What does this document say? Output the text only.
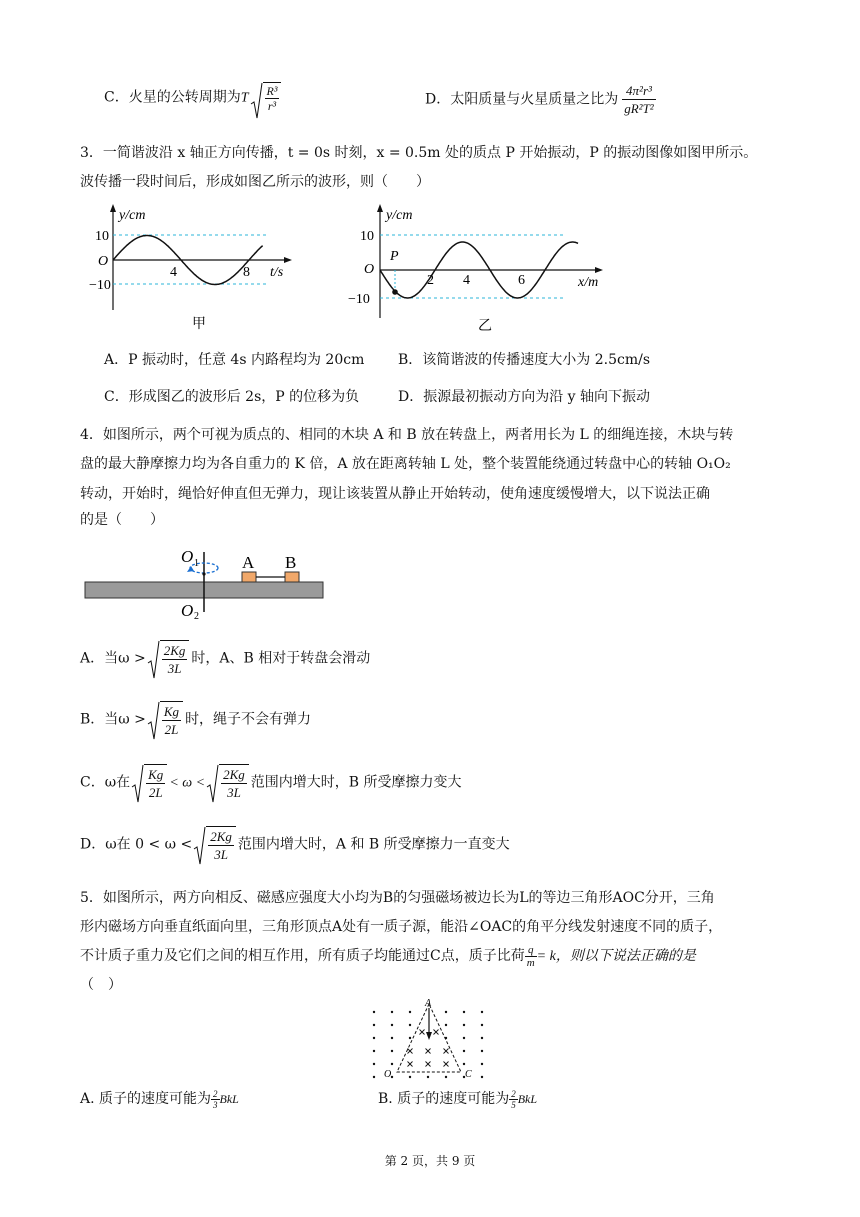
C．火星的公转周期为T $\frac{\text{R³}}{\text{r³}}$	D．太阳质量与火星质量之比为 $\frac{\text{4π²r³}}{\text{gR²T²}}$
3．一简谐波沿 x 轴正方向传播，t = 0s 时刻，x = 0.5m 处的质点 P 开始振动，P 的振动图像如图甲所示。
波传播一段时间后，形成如图乙所示的波形，则（　　）
y/cm
10
O
−10
4	8 t/s
甲
y/cm
10
O
−10
P
2 4	6	x/m
乙
A．P 振动时，任意 4s 内路程均为 20cm B．该简谐波的传播速度大小为 2.5cm/s
C．形成图乙的波形后 2s，P 的位移为负	D．振源最初振动方向为沿 y 轴向下振动
4．如图所示，两个可视为质点的、相同的木块 A 和 B 放在转盘上，两者用长为 L 的细绳连接，木块与转
盘的最大静摩擦力均为各自重力的 K 倍，A 放在距离转轴 L 处，整个装置能绕通过转盘中心的转轴 O₁O₂
转动，开始时，绳恰好伸直但无弹力，现让该装置从静止开始转动，使角速度缓慢增大，以下说法正确
的是（　　）
O 1
O 2
A B
A．当$\omega > \frac{2Kg}{3L}$ 时，A、B 相对于转盘会滑动
B．当$\omega > \frac{Kg}{2L}$ 时，绳子不会有弹力
C．ω在 $\frac{Kg}{2L} < \omega < \frac{2Kg}{3L}$ 范围内增大时，B 所受摩擦力变大
D．ω在 $0 < \omega < \frac{2Kg}{3L}$ 范围内增大时，A 和 B 所受摩擦力一直变大
5．如图所示，两方向相反、磁感应强度大小均为B的匀强磁场被边长为L的等边三角形AOC分开，三角
形内磁场方向垂直纸面向里，三角形顶点A处有一质子源，能沿∠OAC的角平分线发射速度不同的质子，
不计质子重力及它们之间的相互作用，所有质子均能通过C点，质子比荷 $\frac{q}{m} = k$，则以下说法正确的是
（　）
A
O	C
A. 质子的速度可能为 $\frac{2}{3}$ BkL	B. 质子的速度可能为 $\frac{2}{5}$ BkL
第 2 页，共 9 页
